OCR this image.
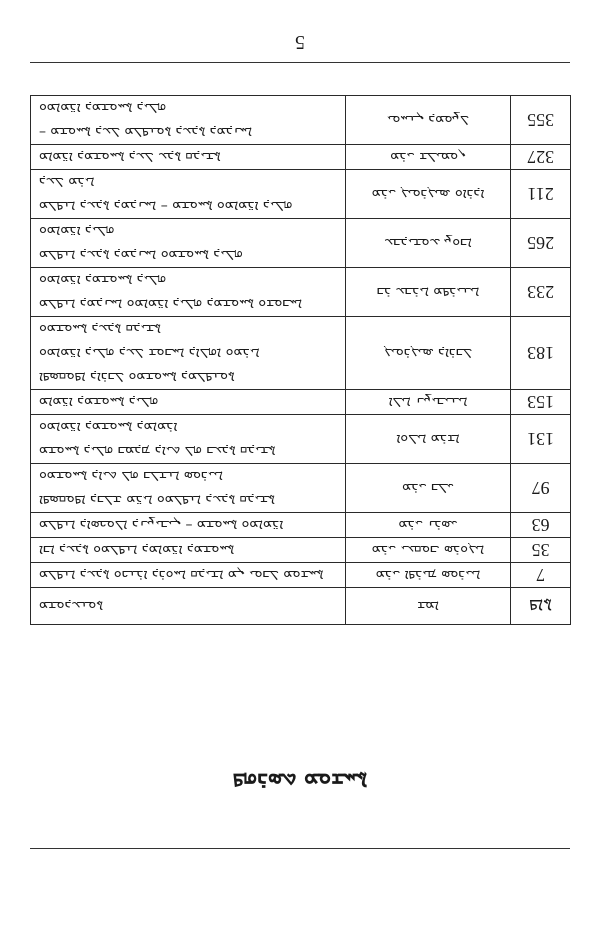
5
ܦܐܬܐ	ܫܡܐ	ܡܫܘܕܥܢܘܬܐ
7	ܡܪܝ ܐܦܪܝܡ ܣܘܪܝܝܐ	ܡܠܦܢܐ ܕܥܕܬܐ ܘܟܢܪܐ ܕܪܘܚܐ ܩܕܝܫܐ ܡܢ ܝܘܒܠ ܡܘܫܚܬܐ

35	ܡܪܝ ܝܥܩܘܒ ܣܪܘܓܝܐ	ܐܒܐ ܕܥܕܬܐ ܘܡܠܦܢܐ ܕܡܐܡܪ̈ܐ ܕܡܫܘܚܬܐ

63	ܡܪܝ ܢܪܣܝ	ܡܠܦܢܐ ܕܐܣܟܘܠܐ ܕܢܨܝܒܝܢ – ܡܫܘܚܬܐ ܘܡܐܡܪ̈ܐ

97	ܡܪܝ ܒܠܝ	ܐܦܣܩܘܦܐ ܕܒܠܫ ܡܪ̈ܝܐ ܘܡܠܦܢܐ ܕܥܕܬܐ ܩܕܝܫܬܐ
ܘܡܫܘܚܬܐ ܕܐܝܬ ܠܗ ܒܠܫܢܐ ܣܘܪܝܝܐ

131	ܐܘܠܝܐ ܡܪܫܐ	ܡܫܘܚܬܐ ܕܝܠܗ ܒܡܕܡ ܕܐܝܬ ܠܗ ܒܥܕܬܐ ܩܕܝܫܬܐ
ܘܡܐܡܪ̈ܐ ܕܡܫܘܚܬܐ ܕܡܐܡܪܐ

153	ܐܠܝܐ ܢܨܝܒܝܢܝܐ	ܡܐܡܪ̈ܐ ܕܡܫܘܚܬܐ ܕܝܠܗ

183	ܓܝܘܪܓܝܣ ܕܐܪܒܠ	ܐܦܣܩܘܦܐ ܕܐܪܒܠ ܘܡܫܘܚܬܐ ܕܡܠܦܢܘܬܐ
ܘܡܐܡܪ̈ܐ ܕܝܠܗ ܕܥܠ ܫܘܒܚܐ ܕܐܠܗܐ ܘܡܪܝܐ
ܘܡܫܘܚܬܐ ܕܥܕܬܐ ܩܕܝܫܬܐ

233	ܒܪ ܥܒܪܝܐ ܡܦܪܝܢܝܐ	ܡܠܦܢܐ ܕܡܕܢܚܐ ܘܡܐܡܪ̈ܐ ܕܝܠܗ ܕܡܫܘܚܬܐ ܘܫܘܒܚܐ
ܘܡܐܡܪ̈ܐ ܕܡܫܘܚܬܐ ܕܝܠܗ

265	ܥܒܕܝܫܘܥ ܨܘܒܐ	ܡܠܦܢܐ ܕܥܕܬܐ ܕܡܕܢܚܐ ܘܡܫܘܚܬܐ ܕܝܠܗ
ܘܡܐܡܪ̈ܐ ܕܝܠܗ

211	ܡܪܝ ܓܝܘܪܓܝܣ ܘܐܪܕܐ	ܡܠܦܢܐ ܕܥܕܬܐ ܕܡܕܢܚܐ – ܡܫܘܚܬܐ ܘܡܐܡܪ̈ܐ ܕܝܠܗ
ܕܥܠ ܡܪܝܐ

327	ܡܪܝ ܫܠܝܡܘܢ	ܡܐܡܪ̈ܐ ܕܡܫܘܚܬܐ ܕܥܠ ܥܕܬܐ ܩܕܝܫܬܐ

355	ܝܘܚܢܢ ܕܡܘܨܠ	– ܡܫܘܚܬܐ ܕܥܠ ܡܠܦܢܘܬܐ ܕܥܕܬܐ ܕܡܕܢܚܐ
ܘܡܐܡܪ̈ܐ ܕܡܫܘܚܬܐ ܕܝܠܗ
ܦܗܪܣܬ ܡܘܫܚܬܐ
